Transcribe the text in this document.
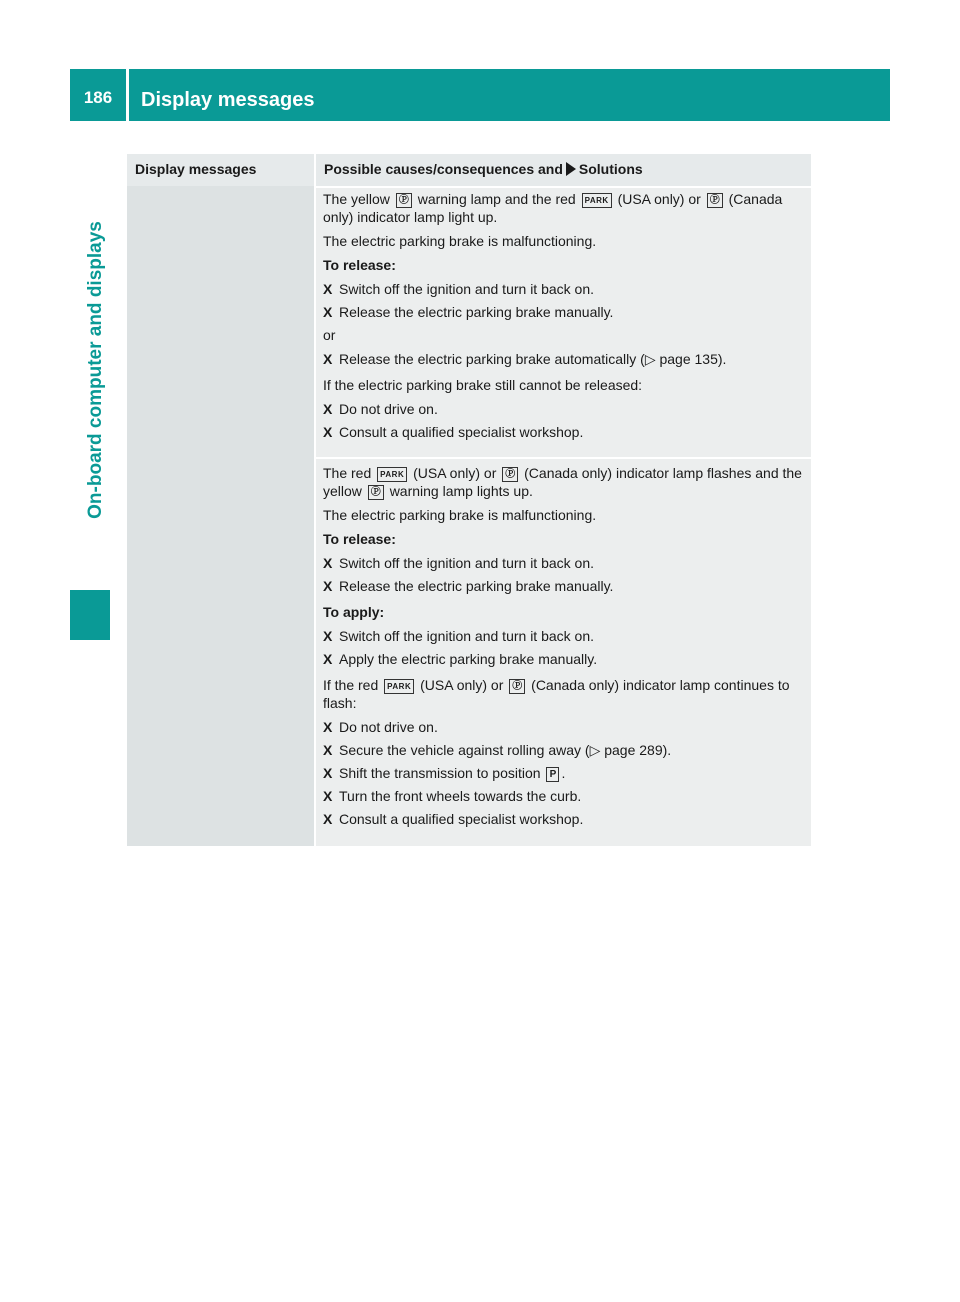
186	Display messages
On-board computer and displays
Display messages	Possible causes/consequences and Solutions

The yellow Ⓟ warning lamp and the red PARK (USA only) or Ⓟ (Canada only) indicator lamp light up.

The electric parking brake is malfunctioning.

To release:

X Switch off the ignition and turn it back on.
X Release the electric parking brake manually.

or

X Release the electric parking brake automatically (▷ page 135).

If the electric parking brake still cannot be released:

X Do not drive on.
X Consult a qualified specialist workshop.

The red PARK (USA only) or Ⓟ (Canada only) indicator lamp flashes and the yellow Ⓟ warning lamp lights up.

The electric parking brake is malfunctioning.

To release:

X Switch off the ignition and turn it back on.
X Release the electric parking brake manually.

To apply:

X Switch off the ignition and turn it back on.
X Apply the electric parking brake manually.

If the red PARK (USA only) or Ⓟ (Canada only) indicator lamp continues to flash:

X Do not drive on.
X Secure the vehicle against rolling away (▷ page 289).
X Shift the transmission to position P .
X Turn the front wheels towards the curb.
X Consult a qualified specialist workshop.
